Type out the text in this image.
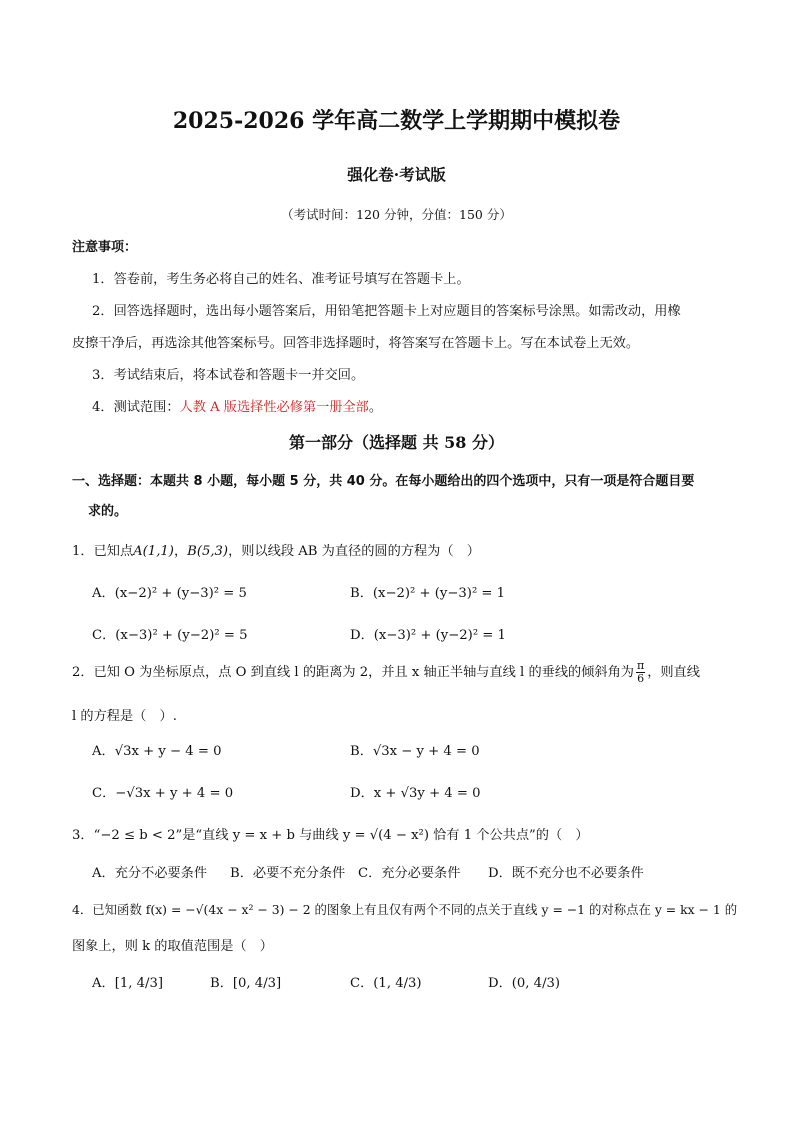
2025-2026 学年高二数学上学期期中模拟卷
强化卷·考试版
（考试时间：120 分钟，分值：150 分）
注意事项：
1．答卷前，考生务必将自己的姓名、准考证号填写在答题卡上。
2．回答选择题时，选出每小题答案后，用铅笔把答题卡上对应题目的答案标号涂黑。如需改动，用橡
皮擦干净后，再选涂其他答案标号。回答非选择题时，将答案写在答题卡上。写在本试卷上无效。
3．考试结束后，将本试卷和答题卡一并交回。
4．测试范围：人教 A 版选择性必修第一册全部。
第一部分（选择题 共 58 分）
一、选择题：本题共 8 小题，每小题 5 分，共 40 分。在每小题给出的四个选项中，只有一项是符合题目要
求的。
1．已知点A(1,1)，B(5,3)，则以线段 AB 为直径的圆的方程为（　）
A．(x−2)² + (y−3)² = 5	B．(x−2)² + (y−3)² = 1
C．(x−3)² + (y−2)² = 5	D．(x−3)² + (y−2)² = 1
2．已知 O 为坐标原点，点 O 到直线 l 的距离为 2，并且 x 轴正半轴与直线 l 的垂线的倾斜角为 $\frac{\pi}{6}$ ，则直线
l 的方程是（　）.
A．√3x + y − 4 = 0	B．√3x − y + 4 = 0
C．−√3x + y + 4 = 0	D．x + √3y + 4 = 0
3．“−2 ≤ b < 2”是“直线 y = x + b 与曲线 y = √(4 − x²) 恰有 1 个公共点”的（　）
A．充分不必要条件 B．必要不充分条件 C．充分必要条件 D．既不充分也不必要条件
4．已知函数 f(x) = −√(4x − x² − 3) − 2 的图象上有且仅有两个不同的点关于直线 y = −1 的对称点在 y = kx − 1 的
图象上，则 k 的取值范围是（　）
A．[1, 4/3]	B．[0, 4/3]	C．(1, 4/3)	D．(0, 4/3)
